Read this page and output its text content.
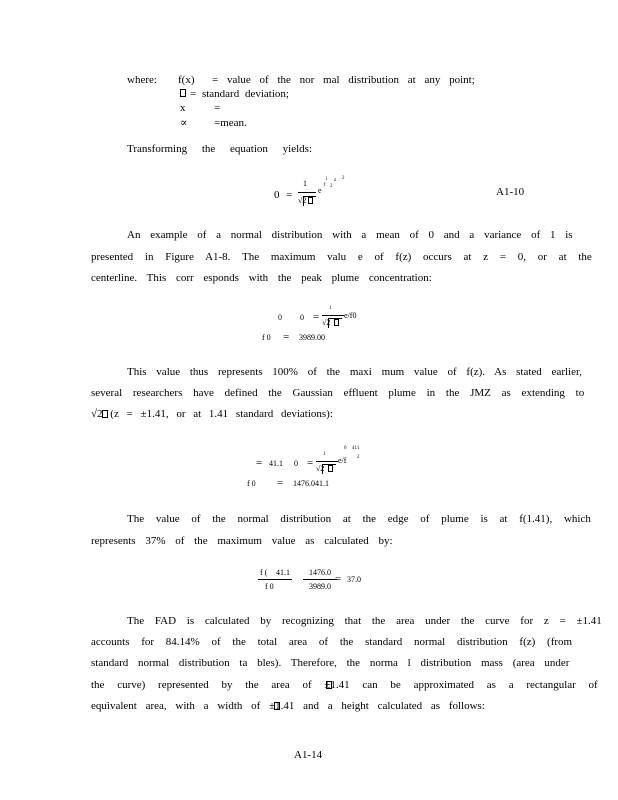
where: f(x) = value of the nor mal distribution at any point;
= standard deviation;
x	=
∝ =mean.
Transforming the equation yields:
0 =
1
√2
e
f
1
2
z 2
A1-10
An example of a normal distribution with a mean of 0 and a variance of 1 is
presented in Figure A1-8. The maximum valu e of f(z) occurs at z = 0, or at the
centerline. This corr esponds with the peak plume concentration:
0 0 =
1
√2
e/f0
f 0 = 3989.00
This value thus represents 100% of the maxi mum value of f(z). As stated earlier,
several researchers have defined the Gaussian effluent plume in the JMZ as extending to
√2 (z = ±1.41, or at 1.41 standard deviations):
= 41.1 0 =
1
√2
e/f
0 411
2
f 0 = 1476.041.1
The value of the normal distribution at the edge of plume is at f(1.41), which
represents 37% of the maximum value as calculated by:
f ( 41.1
f 0
1476.0
3989.0
= 37.0
The FAD is calculated by recognizing that the area under the curve for z = ±1.41
accounts for 84.14% of the total area of the standard normal distribution f(z) (from
standard normal distribution ta bles). Therefore, the norma l distribution mass (area under
the curve) represented by the area of ±1.41 can be approximated as a rectangular of
equivalent area, with a width of ±1.41 and a height calculated as follows:
A1-14
